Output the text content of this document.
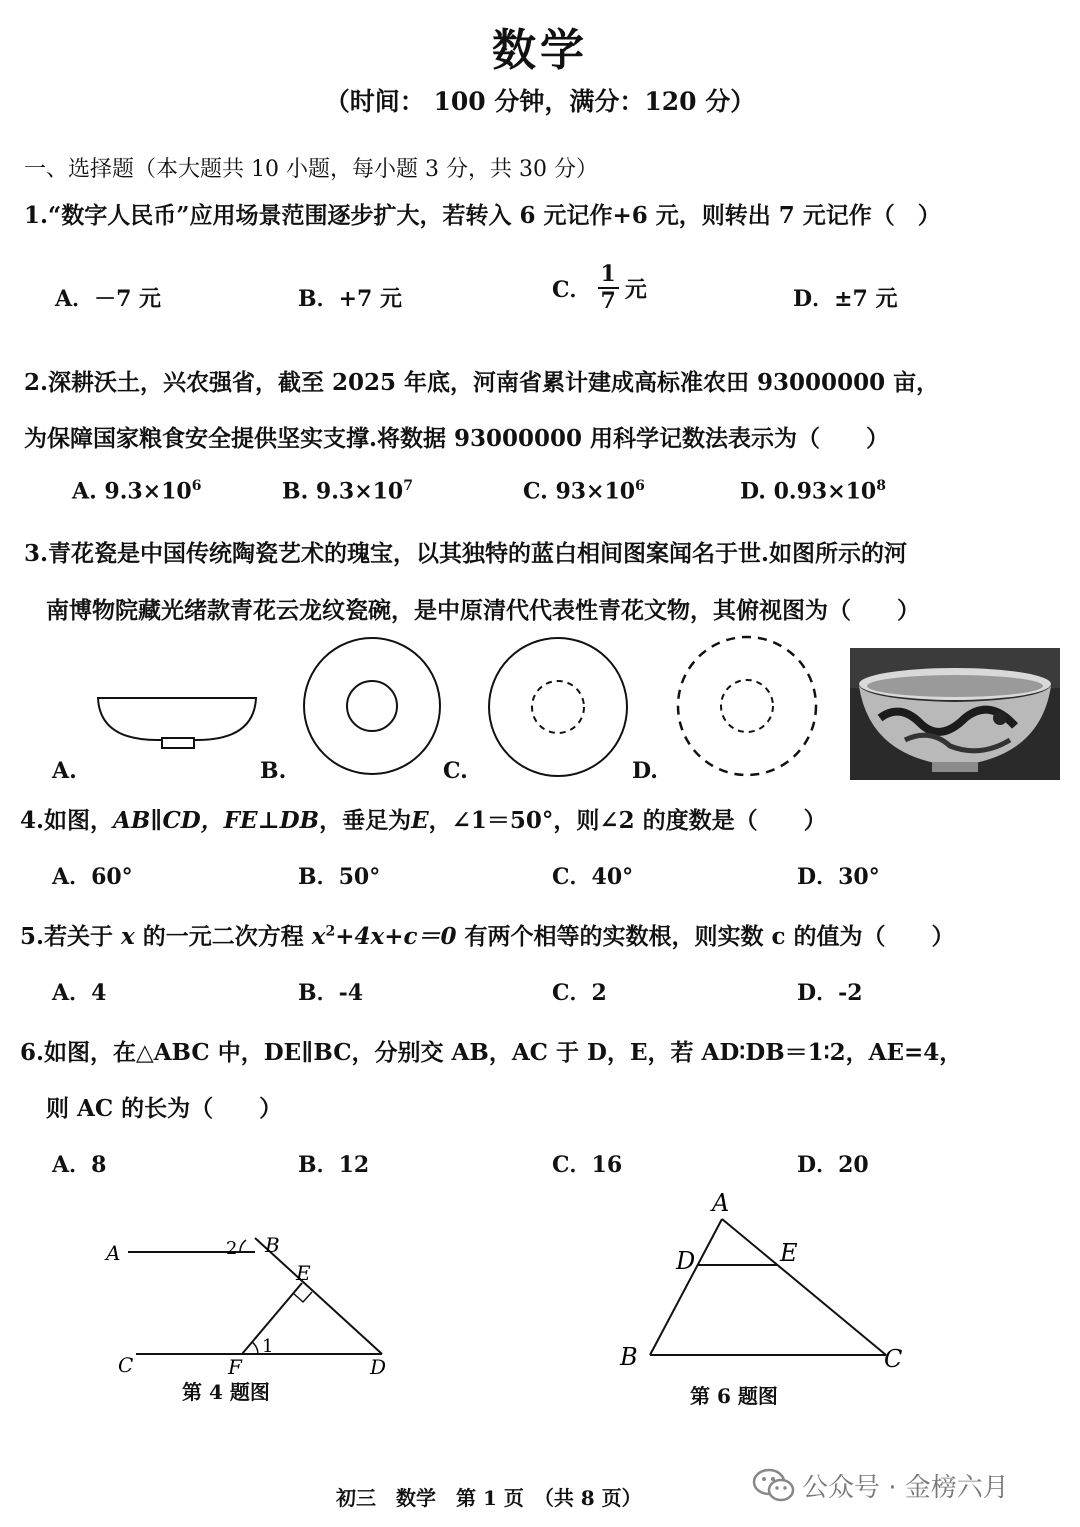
数学
（时间： 100 分钟，满分：120 分）
一、选择题（本大题共 10 小题，每小题 3 分，共 30 分）
1.“数字人民币”应用场景范围逐步扩大，若转入 6 元记作+6 元，则转出 7 元记作（　）
A．－7 元	B．+7 元	C． $\frac{1}{7}$ 元	D．±7 元
2.深耕沃土，兴农强省，截至 2025 年底，河南省累计建成高标准农田 93000000 亩，
为保障国家粮食安全提供坚实支撑.将数据 93000000 用科学记数法表示为（　　）
A. $9.3\times 10^6$	B. $9.3\times 10^7$	C. $93\times 10^6$	D. $0.93\times 10^8$
3.青花瓷是中国传统陶瓷艺术的瑰宝，以其独特的蓝白相间图案闻名于世.如图所示的河
南博物院藏光绪款青花云龙纹瓷碗，是中原清代代表性青花文物，其俯视图为（　　）
A.	B.	C.	D.
4.如图，AB∥CD，FE⊥DB，垂足为E，∠1＝50°，则∠2 的度数是（　　）
A．60°	B．50°	C．40°	D．30°
5.若关于 x 的一元二次方程 $x^2+4x+c=0$ 有两个相等的实数根，则实数 c 的值为（　　）
A．4	B．-4	C．2	D．-2
6.如图，在△ABC 中，DE∥BC，分别交 AB，AC 于 D，E，若 AD∶DB＝1∶2，AE=4，
则 AC 的长为（　　）
A．8	B．12	C．16	D．20
A	B
C	D
E
F
1
2
第 4 题图
A
B	C
D	E
第 6 题图
初三　数学　第 1 页　（共 8 页）	公众号 · 金榜六月
